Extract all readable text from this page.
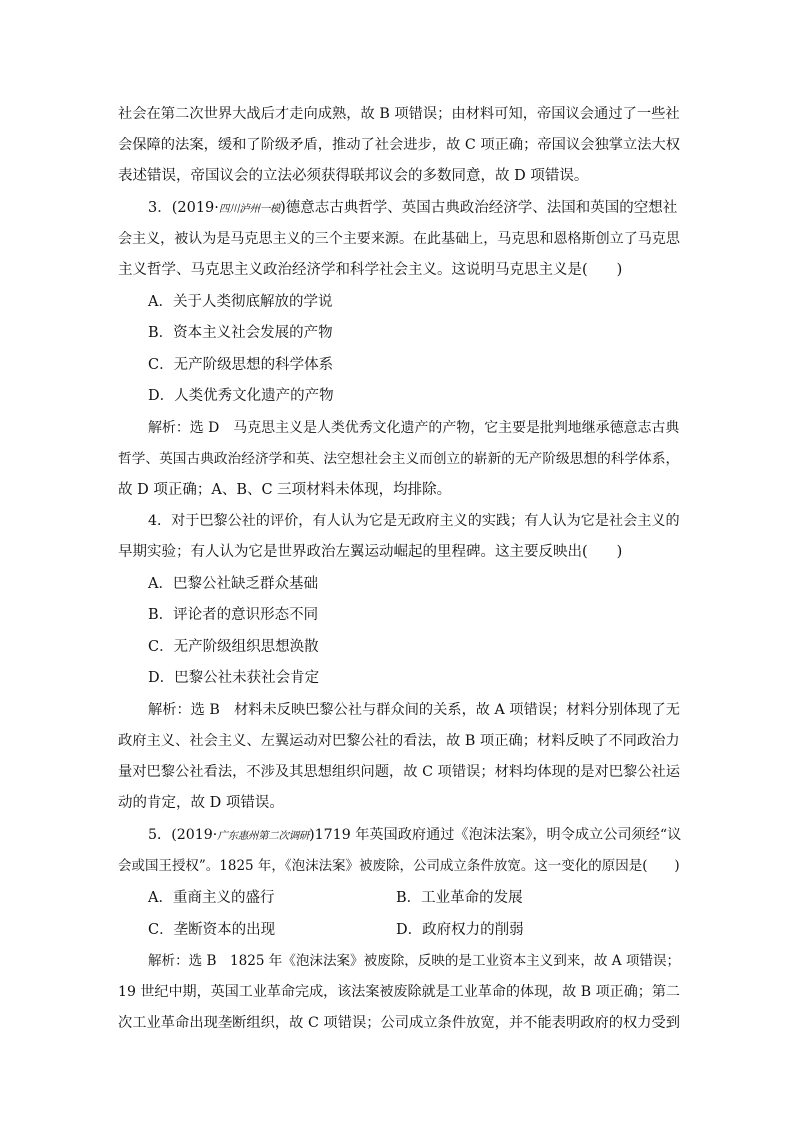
社会在第二次世界大战后才走向成熟，故 B 项错误；由材料可知，帝国议会通过了一些社
会保障的法案，缓和了阶级矛盾，推动了社会进步，故 C 项正确；帝国议会独掌立法大权
表述错误，帝国议会的立法必须获得联邦议会的多数同意，故 D 项错误。
3．(2019·四川泸州一模)德意志古典哲学、英国古典政治经济学、法国和英国的空想社
会主义，被认为是马克思主义的三个主要来源。在此基础上，马克思和恩格斯创立了马克思
主义哲学、马克思主义政治经济学和科学社会主义。这说明马克思主义是(　　)
A．关于人类彻底解放的学说
B．资本主义社会发展的产物
C．无产阶级思想的科学体系
D．人类优秀文化遗产的产物
解析：选 D　马克思主义是人类优秀文化遗产的产物，它主要是批判地继承德意志古典
哲学、英国古典政治经济学和英、法空想社会主义而创立的崭新的无产阶级思想的科学体系，
故 D 项正确；A、B、C 三项材料未体现，均排除。
4．对于巴黎公社的评价，有人认为它是无政府主义的实践；有人认为它是社会主义的
早期实验；有人认为它是世界政治左翼运动崛起的里程碑。这主要反映出(　　)
A．巴黎公社缺乏群众基础
B．评论者的意识形态不同
C．无产阶级组织思想涣散
D．巴黎公社未获社会肯定
解析：选 B　材料未反映巴黎公社与群众间的关系，故 A 项错误；材料分别体现了无
政府主义、社会主义、左翼运动对巴黎公社的看法，故 B 项正确；材料反映了不同政治力
量对巴黎公社看法，不涉及其思想组织问题，故 C 项错误；材料均体现的是对巴黎公社运
动的肯定，故 D 项错误。
5．(2019·广东惠州第二次调研)1719 年英国政府通过《泡沫法案》，明令成立公司须经“议
会或国王授权”。1825 年，《泡沫法案》被废除，公司成立条件放宽。这一变化的原因是(　　)
A．重商主义的盛行	B．工业革命的发展
C．垄断资本的出现	D．政府权力的削弱
解析：选 B　1825 年《泡沫法案》被废除，反映的是工业资本主义到来，故 A 项错误；
19 世纪中期，英国工业革命完成，该法案被废除就是工业革命的体现，故 B 项正确；第二
次工业革命出现垄断组织，故 C 项错误；公司成立条件放宽，并不能表明政府的权力受到
